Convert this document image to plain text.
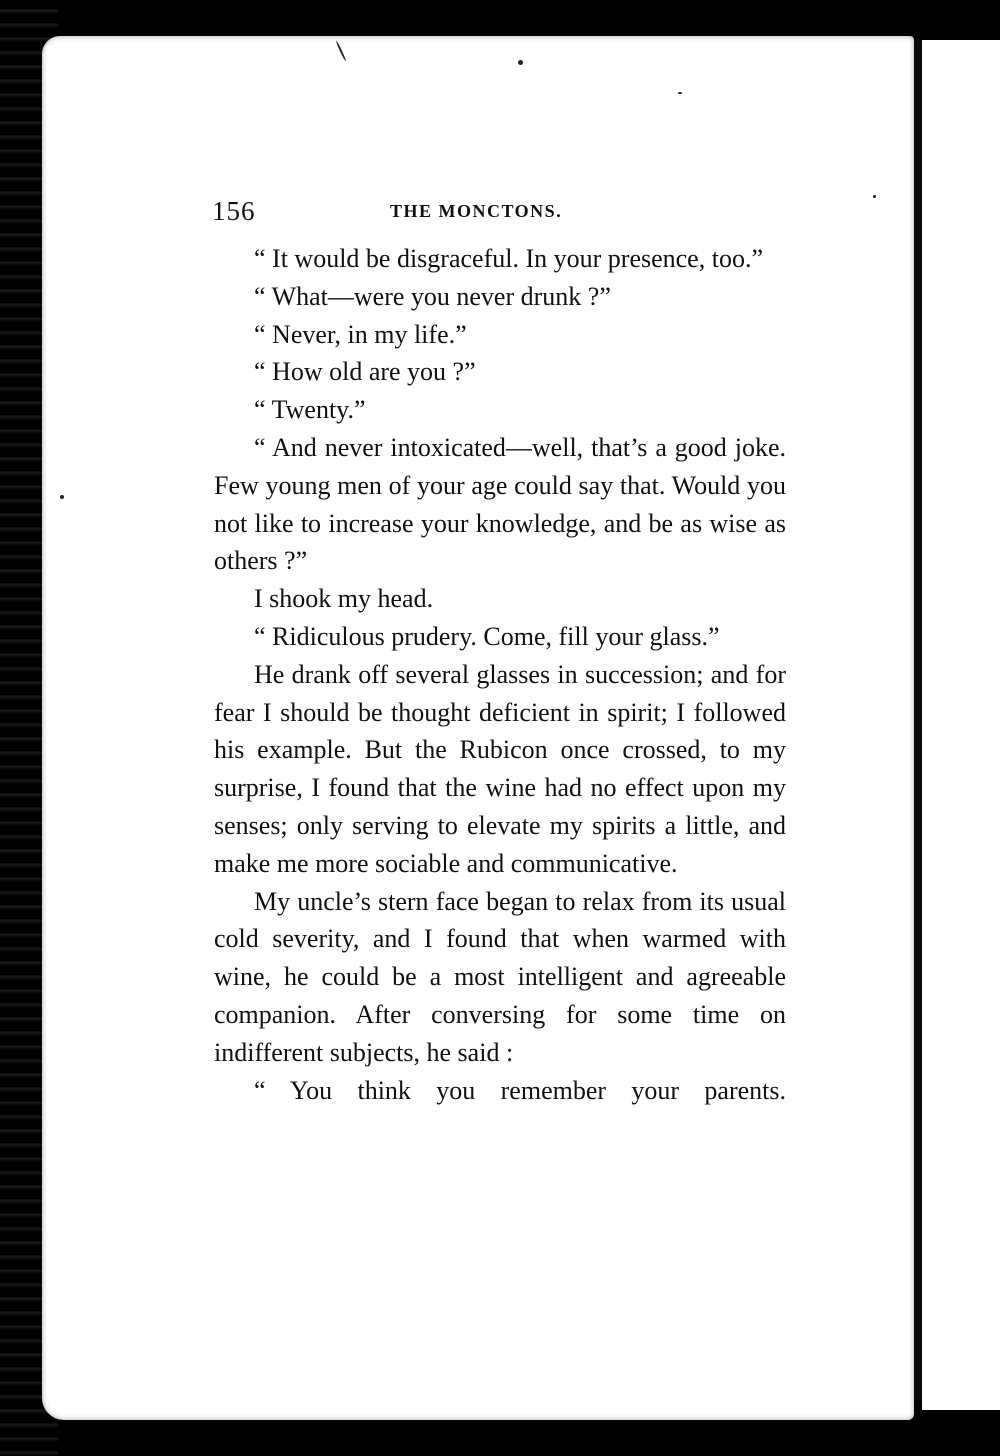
156	THE MONCTONS.

“ It would be disgraceful. In your presence, too.”

“ What—were you never drunk ?”

“ Never, in my life.”

“ How old are you ?”

“ Twenty.”

“ And never intoxicated—well, that’s a good joke. Few young men of your age could say that. Would you not like to increase your knowledge, and be as wise as others ?”

I shook my head.

“ Ridiculous prudery. Come, fill your glass.”

He drank off several glasses in succession; and for fear I should be thought deficient in spirit; I followed his example. But the Rubicon once crossed, to my surprise, I found that the wine had no effect upon my senses; only serving to elevate my spirits a little, and make me more sociable and communicative.

My uncle’s stern face began to relax from its usual cold severity, and I found that when warmed with wine, he could be a most intelligent and agreeable companion. After conversing for some time on indifferent subjects, he said :

“ You think you remember your parents.
